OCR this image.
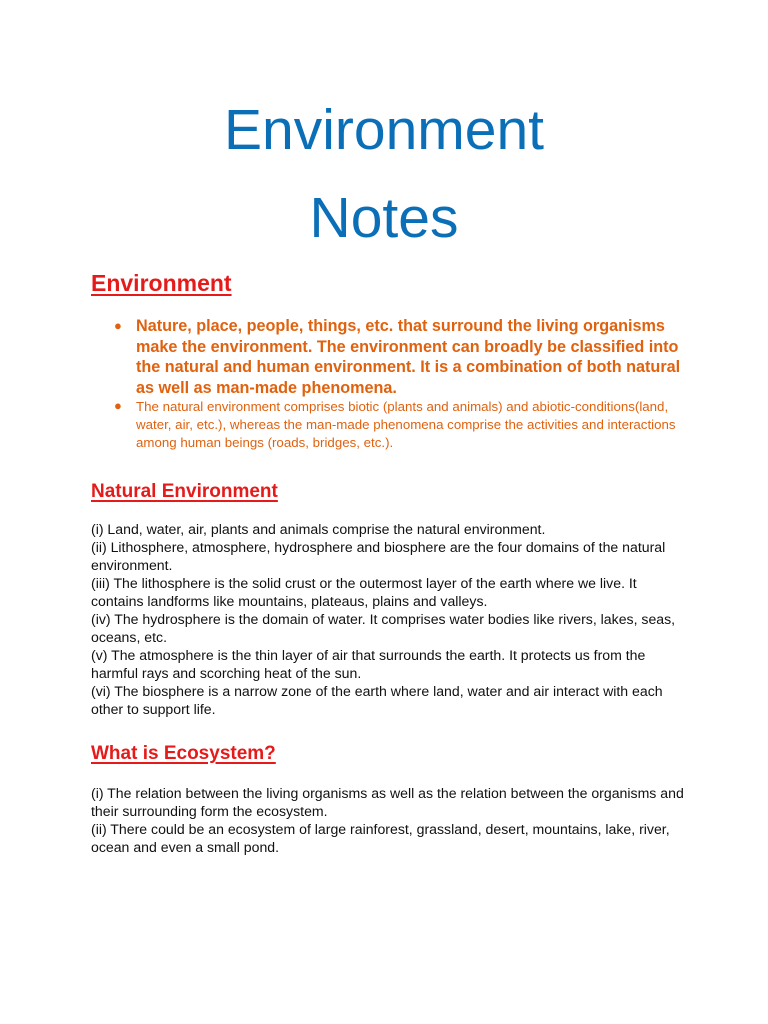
Environment
Notes
Environment
● Nature, place, people, things, etc. that surround the living organisms make the environment. The environment can broadly be classified into the natural and human environment. It is a combination of both natural as well as man-made phenomena.
● The natural environment comprises biotic (plants and animals) and abiotic-conditions(land, water, air, etc.), whereas the man-made phenomena comprise the activities and interactions among human beings (roads, bridges, etc.).
Natural Environment
(i) Land, water, air, plants and animals comprise the natural environment.
(ii) Lithosphere, atmosphere, hydrosphere and biosphere are the four domains of the natural environment.
(iii) The lithosphere is the solid crust or the outermost layer of the earth where we live. It contains landforms like mountains, plateaus, plains and valleys.
(iv) The hydrosphere is the domain of water. It comprises water bodies like rivers, lakes, seas, oceans, etc.
(v) The atmosphere is the thin layer of air that surrounds the earth. It protects us from the harmful rays and scorching heat of the sun.
(vi) The biosphere is a narrow zone of the earth where land, water and air interact with each other to support life.
What is Ecosystem?
(i) The relation between the living organisms as well as the relation between the organisms and their surrounding form the ecosystem.
(ii) There could be an ecosystem of large rainforest, grassland, desert, mountains, lake, river, ocean and even a small pond.
